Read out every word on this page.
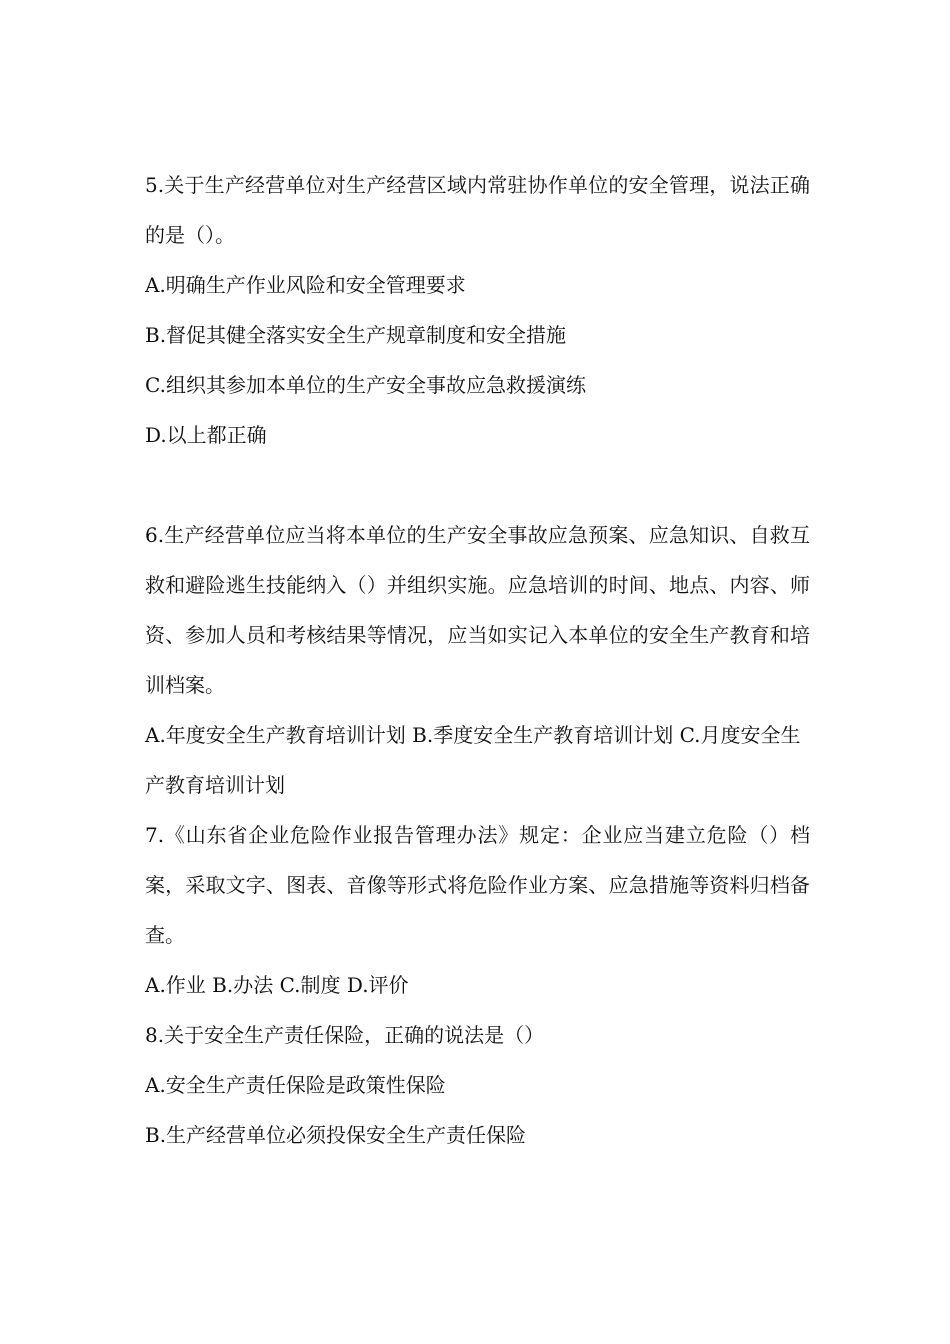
5.关于生产经营单位对生产经营区域内常驻协作单位的安全管理，说法正确的是（）。

A.明确生产作业风险和安全管理要求

B.督促其健全落实安全生产规章制度和安全措施

C.组织其参加本单位的生产安全事故应急救援演练

D.以上都正确

6.生产经营单位应当将本单位的生产安全事故应急预案、应急知识、自救互救和避险逃生技能纳入（）并组织实施。应急培训的时间、地点、内容、师资、参加人员和考核结果等情况，应当如实记入本单位的安全生产教育和培训档案。

A.年度安全生产教育培训计划 B.季度安全生产教育培训计划 C.月度安全生产教育培训计划

7.《山东省企业危险作业报告管理办法》规定：企业应当建立危险（）档案，采取文字、图表、音像等形式将危险作业方案、应急措施等资料归档备查。

A.作业 B.办法 C.制度 D.评价

8.关于安全生产责任保险，正确的说法是（）

A.安全生产责任保险是政策性保险

B.生产经营单位必须投保安全生产责任保险
